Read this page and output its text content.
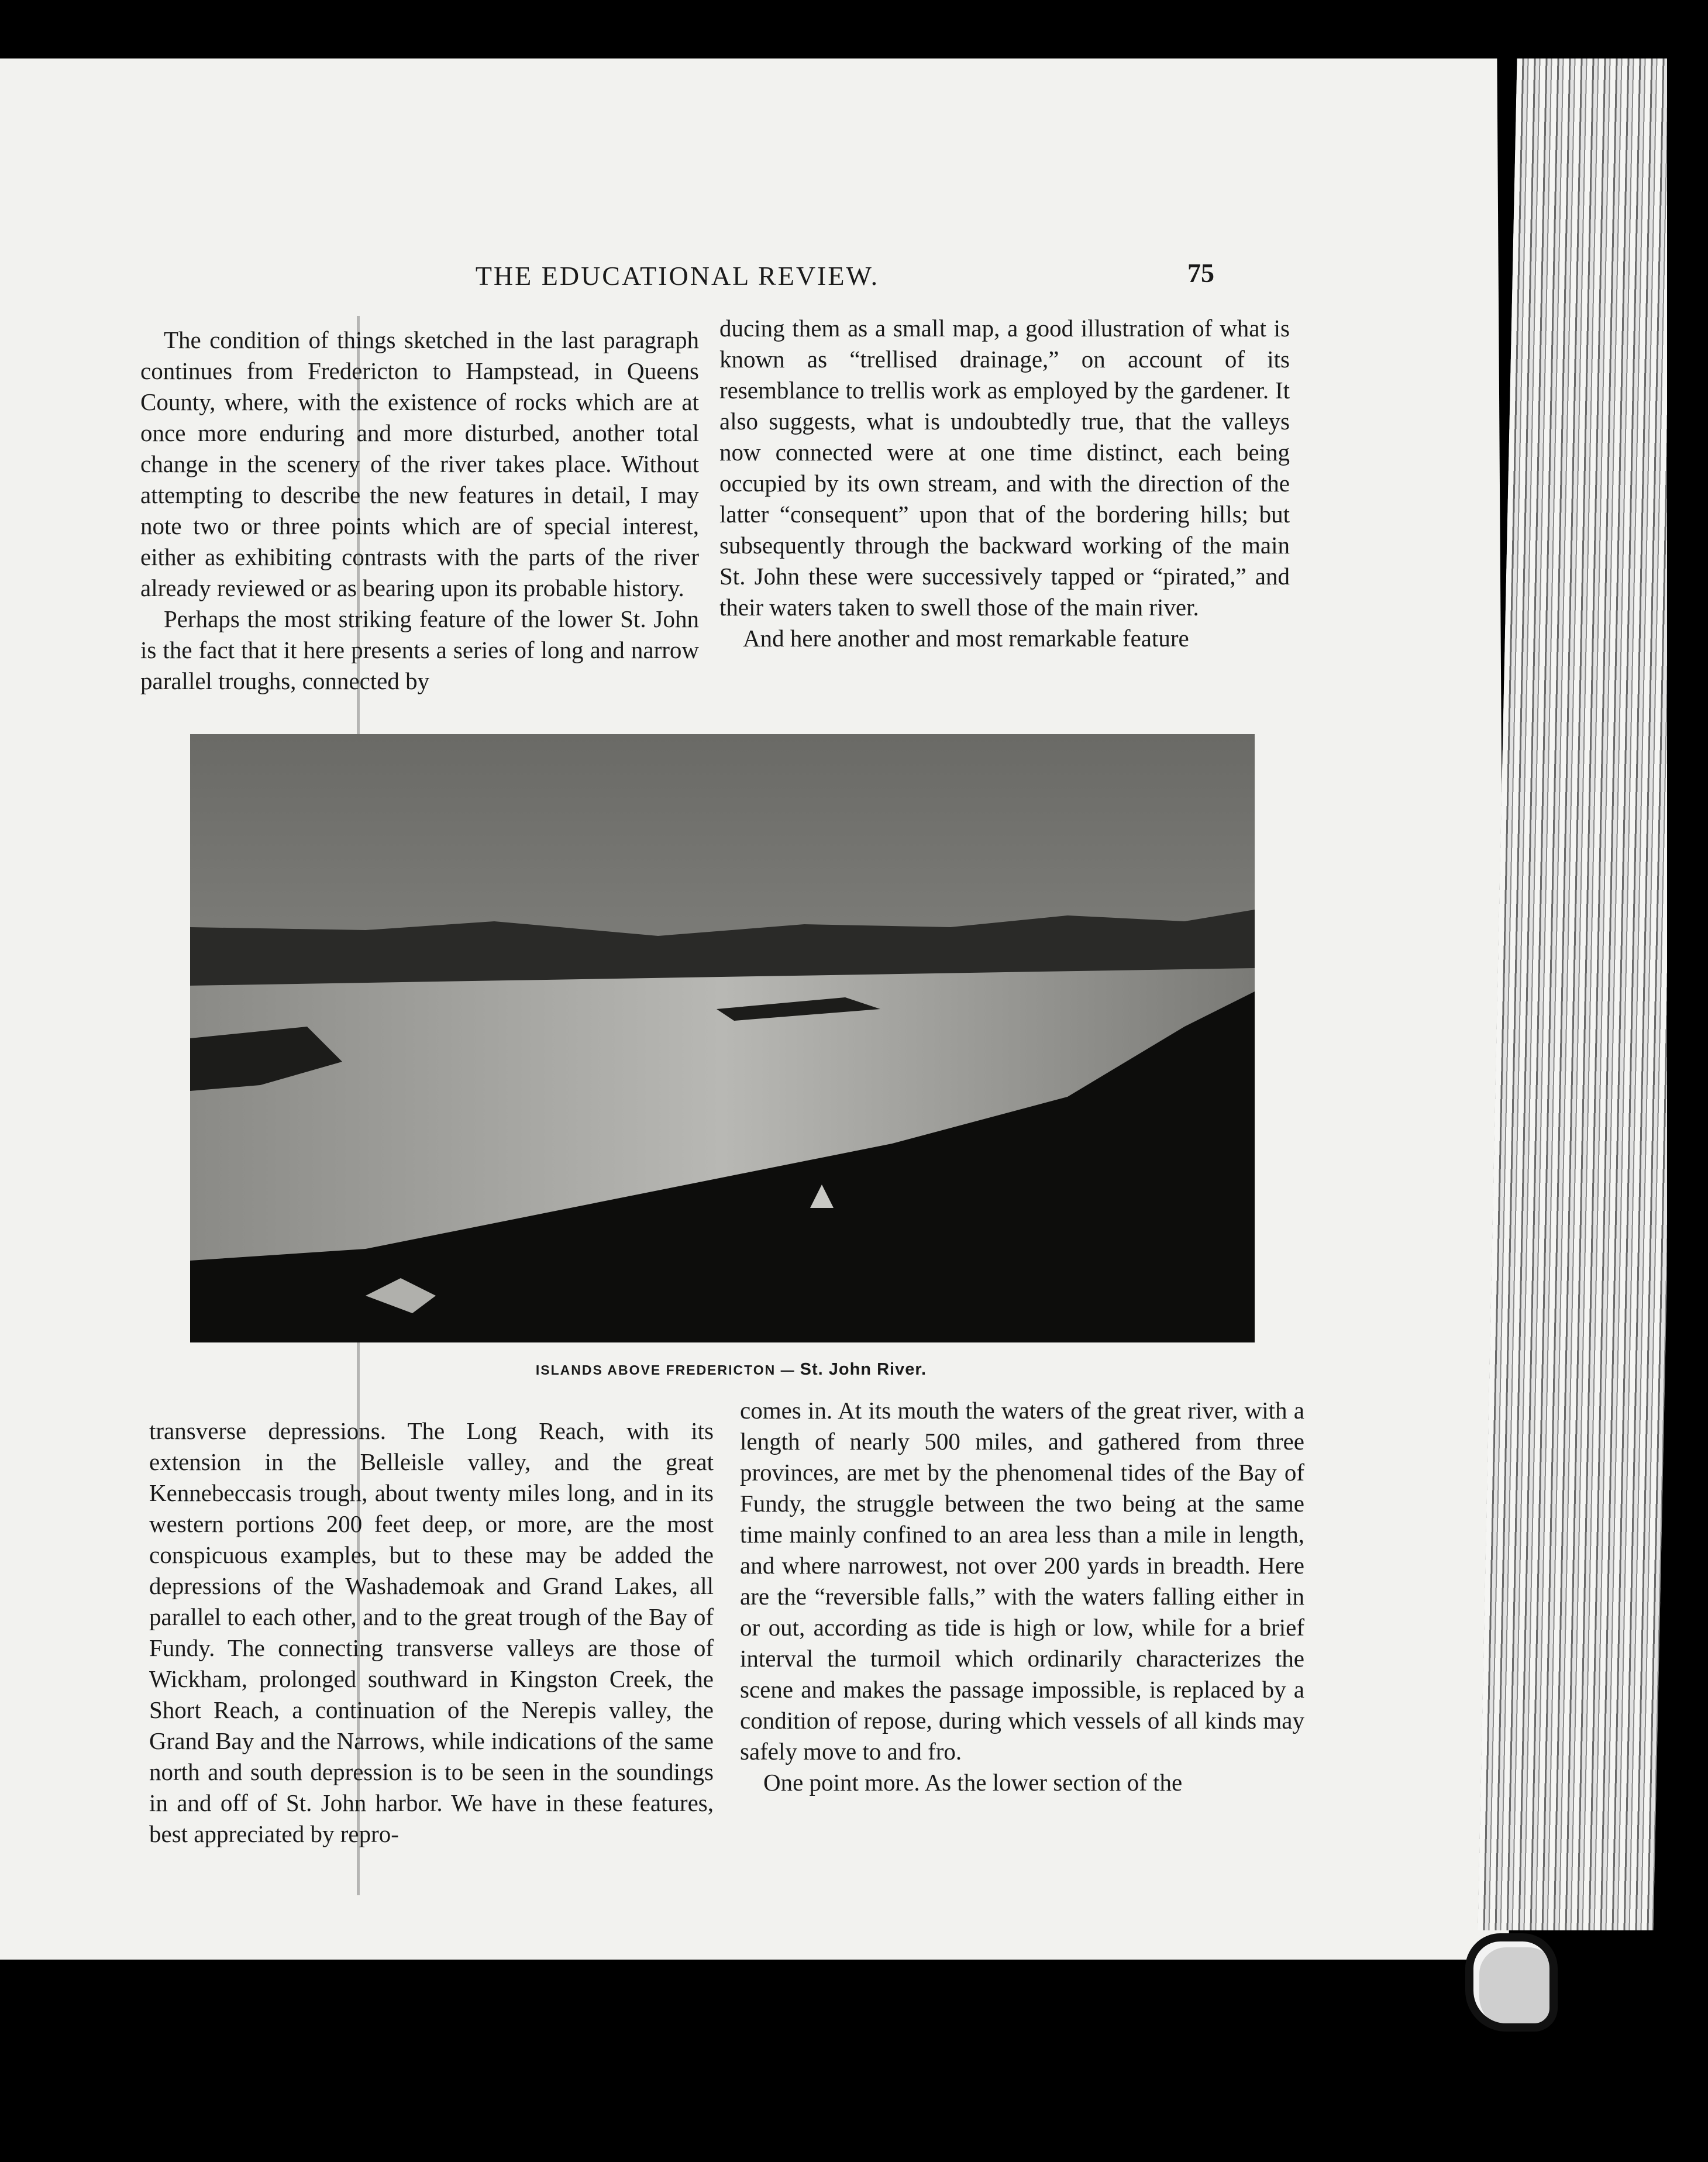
THE EDUCATIONAL REVIEW.	75

The condition of things sketched in the last paragraph continues from Fredericton to Hampstead, in Queens County, where, with the existence of rocks which are at once more enduring and more disturbed, another total change in the scenery of the river takes place. Without attempting to describe the new features in detail, I may note two or three points which are of special interest, either as exhibiting contrasts with the parts of the river already reviewed or as bearing upon its probable history.

Perhaps the most striking feature of the lower St. John is the fact that it here presents a series of long and narrow parallel troughs, connected by

ducing them as a small map, a good illustration of what is known as “trellised drainage,” on account of its resemblance to trellis work as employed by the gardener. It also suggests, what is undoubtedly true, that the valleys now connected were at one time distinct, each being occupied by its own stream, and with the direction of the latter “consequent” upon that of the bordering hills; but subsequently through the backward working of the main St. John these were successively tapped or “pirated,” and their waters taken to swell those of the main river.

And here another and most remarkable feature

ISLANDS ABOVE FREDERICTON — St. John River.

transverse depressions. The Long Reach, with its extension in the Belleisle valley, and the great Kennebeccasis trough, about twenty miles long, and in its western portions 200 feet deep, or more, are the most conspicuous examples, but to these may be added the depressions of the Washademoak and Grand Lakes, all parallel to each other, and to the great trough of the Bay of Fundy. The connecting transverse valleys are those of Wickham, prolonged southward in Kingston Creek, the Short Reach, a continuation of the Nerepis valley, the Grand Bay and the Narrows, while indications of the same north and south depression is to be seen in the soundings in and off of St. John harbor. We have in these features, best appreciated by repro-

comes in. At its mouth the waters of the great river, with a length of nearly 500 miles, and gathered from three provinces, are met by the phenomenal tides of the Bay of Fundy, the struggle between the two being at the same time mainly confined to an area less than a mile in length, and where narrowest, not over 200 yards in breadth. Here are the “reversible falls,” with the waters falling either in or out, according as tide is high or low, while for a brief interval the turmoil which ordinarily characterizes the scene and makes the passage impossible, is replaced by a condition of repose, during which vessels of all kinds may safely move to and fro.

One point more. As the lower section of the
